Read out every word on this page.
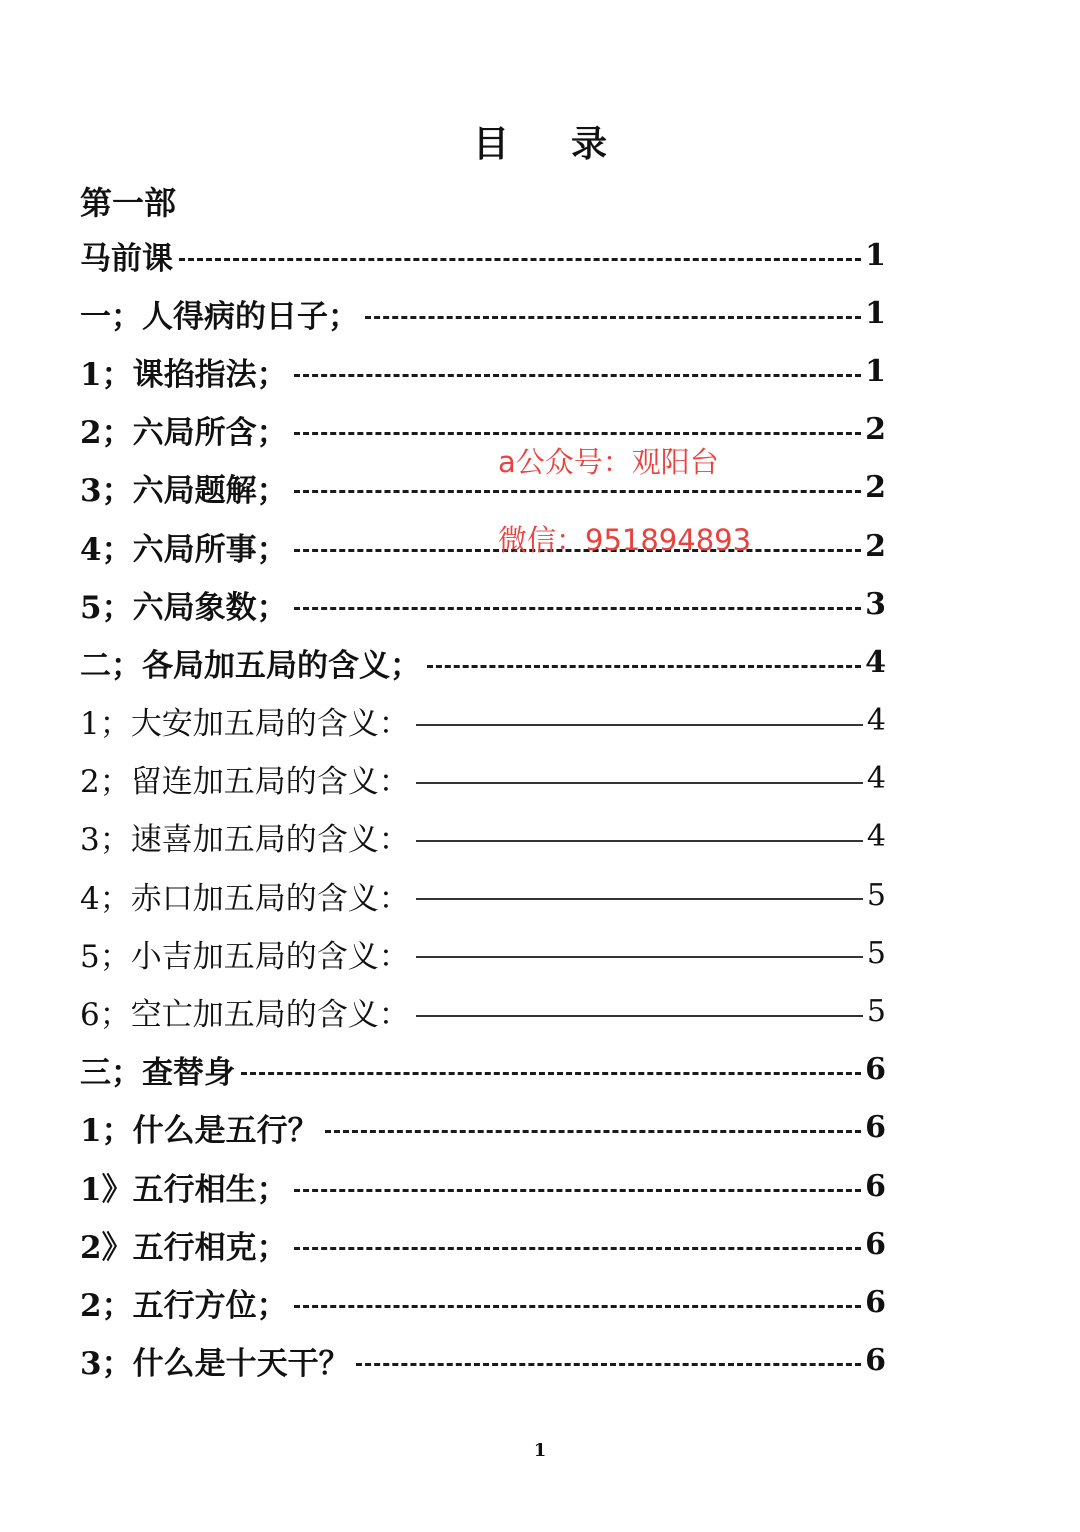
目 录
第一部
马前课	1
一；人得病的日子；	1
1；课掐指法；	1
2；六局所含；	2
3；六局题解；	2
4；六局所事；	2
5；六局象数；	3
二；各局加五局的含义；	4
1；大安加五局的含义：	4
2；留连加五局的含义：	4
3；速喜加五局的含义：	4
4；赤口加五局的含义：	5
5；小吉加五局的含义：	5
6；空亡加五局的含义：	5
三；查替身	6
1；什么是五行？	6
1》五行相生；	6
2》五行相克；	6
2；五行方位；	6
3；什么是十天干？	6
a公众号：观阳台
微信：951894893
1
